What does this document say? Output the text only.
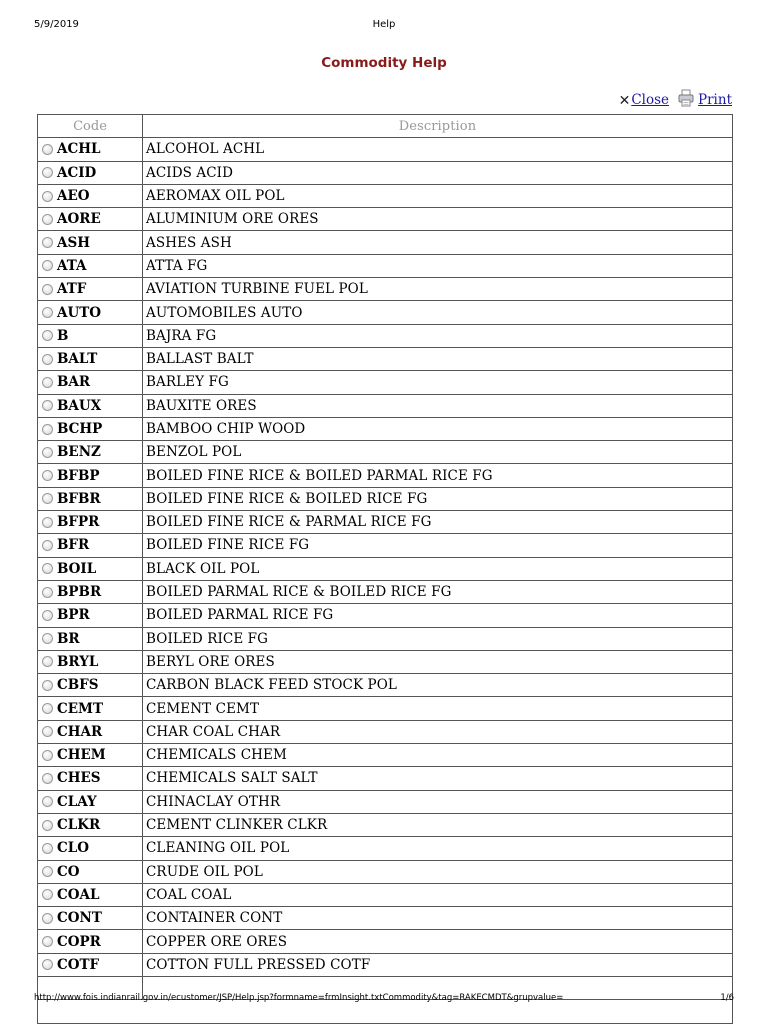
5/9/2019	Help
Commodity Help
✕ Close Print
Code	Description
ACHL	ALCOHOL ACHL
ACID	ACIDS ACID
AEO	AEROMAX OIL POL
AORE	ALUMINIUM ORE ORES
ASH	ASHES ASH
ATA	ATTA FG
ATF	AVIATION TURBINE FUEL POL
AUTO	AUTOMOBILES AUTO
B	BAJRA FG
BALT	BALLAST BALT
BAR	BARLEY FG
BAUX	BAUXITE ORES
BCHP	BAMBOO CHIP WOOD
BENZ	BENZOL POL
BFBP	BOILED FINE RICE & BOILED PARMAL RICE FG
BFBR	BOILED FINE RICE & BOILED RICE FG
BFPR	BOILED FINE RICE & PARMAL RICE FG
BFR	BOILED FINE RICE FG
BOIL	BLACK OIL POL
BPBR	BOILED PARMAL RICE & BOILED RICE FG
BPR	BOILED PARMAL RICE FG
BR	BOILED RICE FG
BRYL	BERYL ORE ORES
CBFS	CARBON BLACK FEED STOCK POL
CEMT	CEMENT CEMT
CHAR	CHAR COAL CHAR
CHEM	CHEMICALS CHEM
CHES	CHEMICALS SALT SALT
CLAY	CHINACLAY OTHR
CLKR	CEMENT CLINKER CLKR
CLO	CLEANING OIL POL
CO	CRUDE OIL POL
COAL	COAL COAL
CONT	CONTAINER CONT
COPR	COPPER ORE ORES
COTF	COTTON FULL PRESSED COTF
http://www.fois.indianrail.gov.in/ecustomer/JSP/Help.jsp?formname=frmInsight.txtCommodity&tag=RAKECMDT&grupvalue=	1/6
